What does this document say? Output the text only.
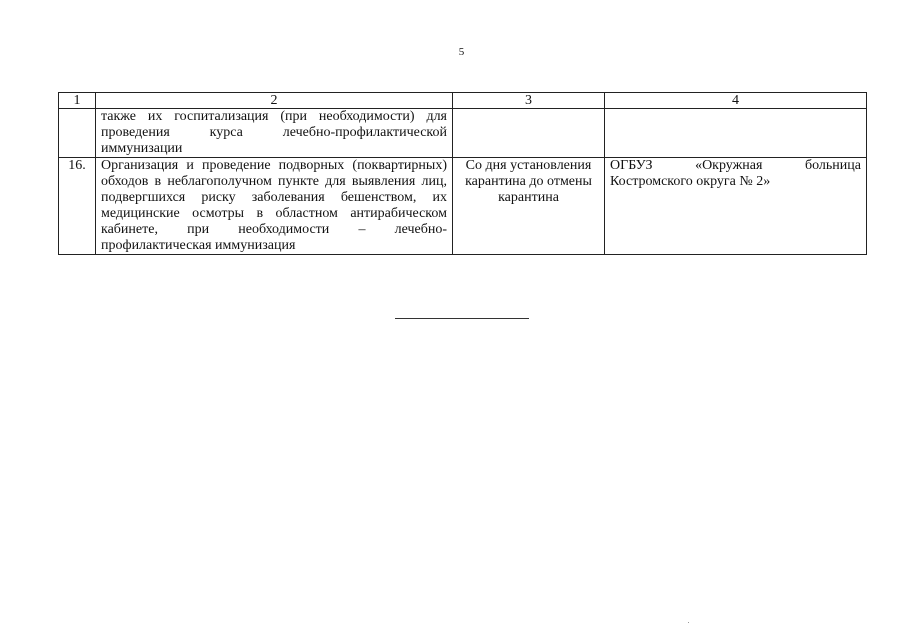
5
1	2	3	4
	также их госпитализация (при необходимости) для проведения курса лечебно-профилактической иммунизации		
16.	Организация и проведение подворных (поквартирных) обходов в неблагополучном пункте для выявления лиц, подвергшихся риску заболевания бешенством, их медицинские осмотры в областном антирабическом кабинете, при необходимости – лечебно-профилактическая иммунизация	Со дня установления карантина до отмены карантина	ОГБУЗ «Окружная больница Костромского округа № 2»
